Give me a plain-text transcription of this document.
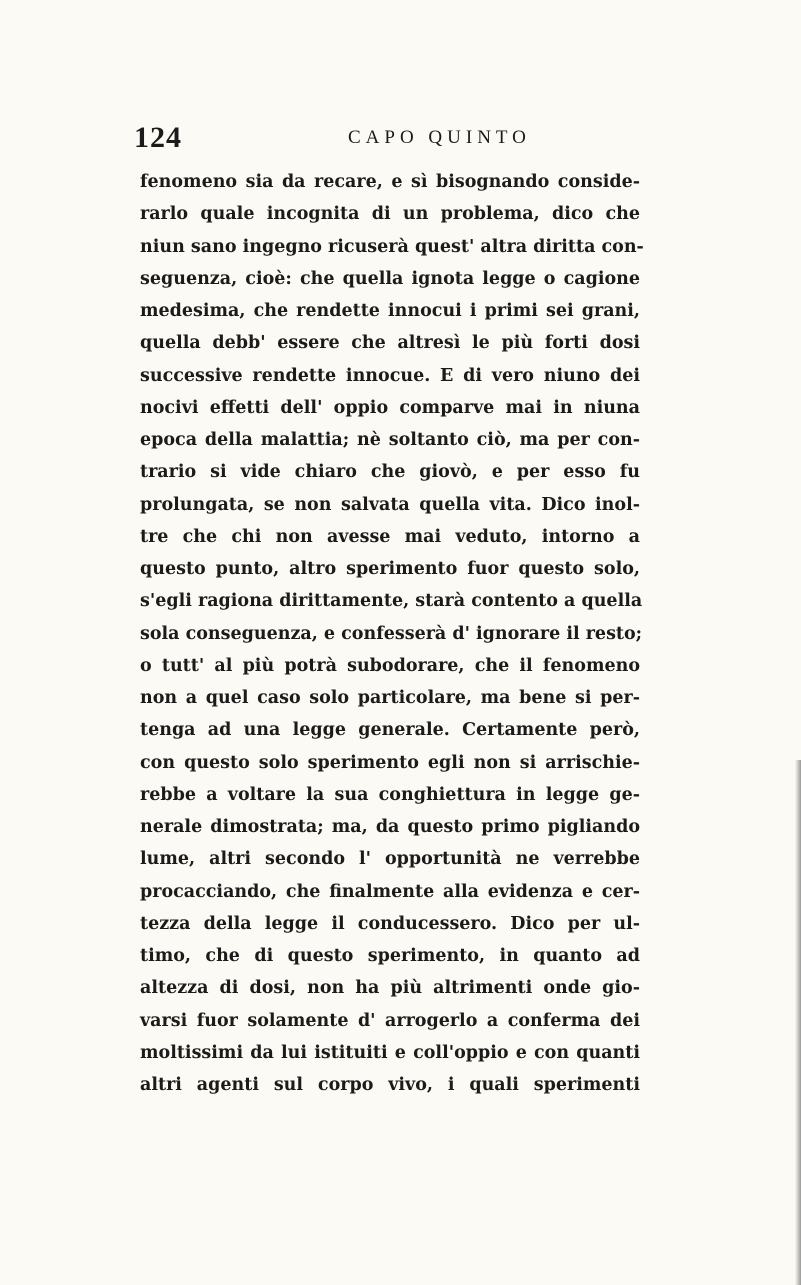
124	CAPO QUINTO
fenomeno sia da recare, e sì bisognando conside-
rarlo quale incognita di un problema, dico che
niun sano ingegno ricuserà quest' altra diritta con-
seguenza, cioè: che quella ignota legge o cagione
medesima, che rendette innocui i primi sei grani,
quella debb' essere che altresì le più forti dosi
successive rendette innocue. E di vero niuno dei
nocivi effetti dell' oppio comparve mai in niuna
epoca della malattia; nè soltanto ciò, ma per con-
trario si vide chiaro che giovò, e per esso fu
prolungata, se non salvata quella vita. Dico inol-
tre che chi non avesse mai veduto, intorno a
questo punto, altro sperimento fuor questo solo,
s'egli ragiona dirittamente, starà contento a quella
sola conseguenza, e confesserà d' ignorare il resto;
o tutt' al più potrà subodorare, che il fenomeno
non a quel caso solo particolare, ma bene si per-
tenga ad una legge generale. Certamente però,
con questo solo sperimento egli non si arrischie-
rebbe a voltare la sua conghiettura in legge ge-
nerale dimostrata; ma, da questo primo pigliando
lume, altri secondo l' opportunità ne verrebbe
procacciando, che finalmente alla evidenza e cer-
tezza della legge il conducessero. Dico per ul-
timo, che di questo sperimento, in quanto ad
altezza di dosi, non ha più altrimenti onde gio-
varsi fuor solamente d' arrogerlo a conferma dei
moltissimi da lui istituiti e coll'oppio e con quanti
altri agenti sul corpo vivo, i quali sperimenti
